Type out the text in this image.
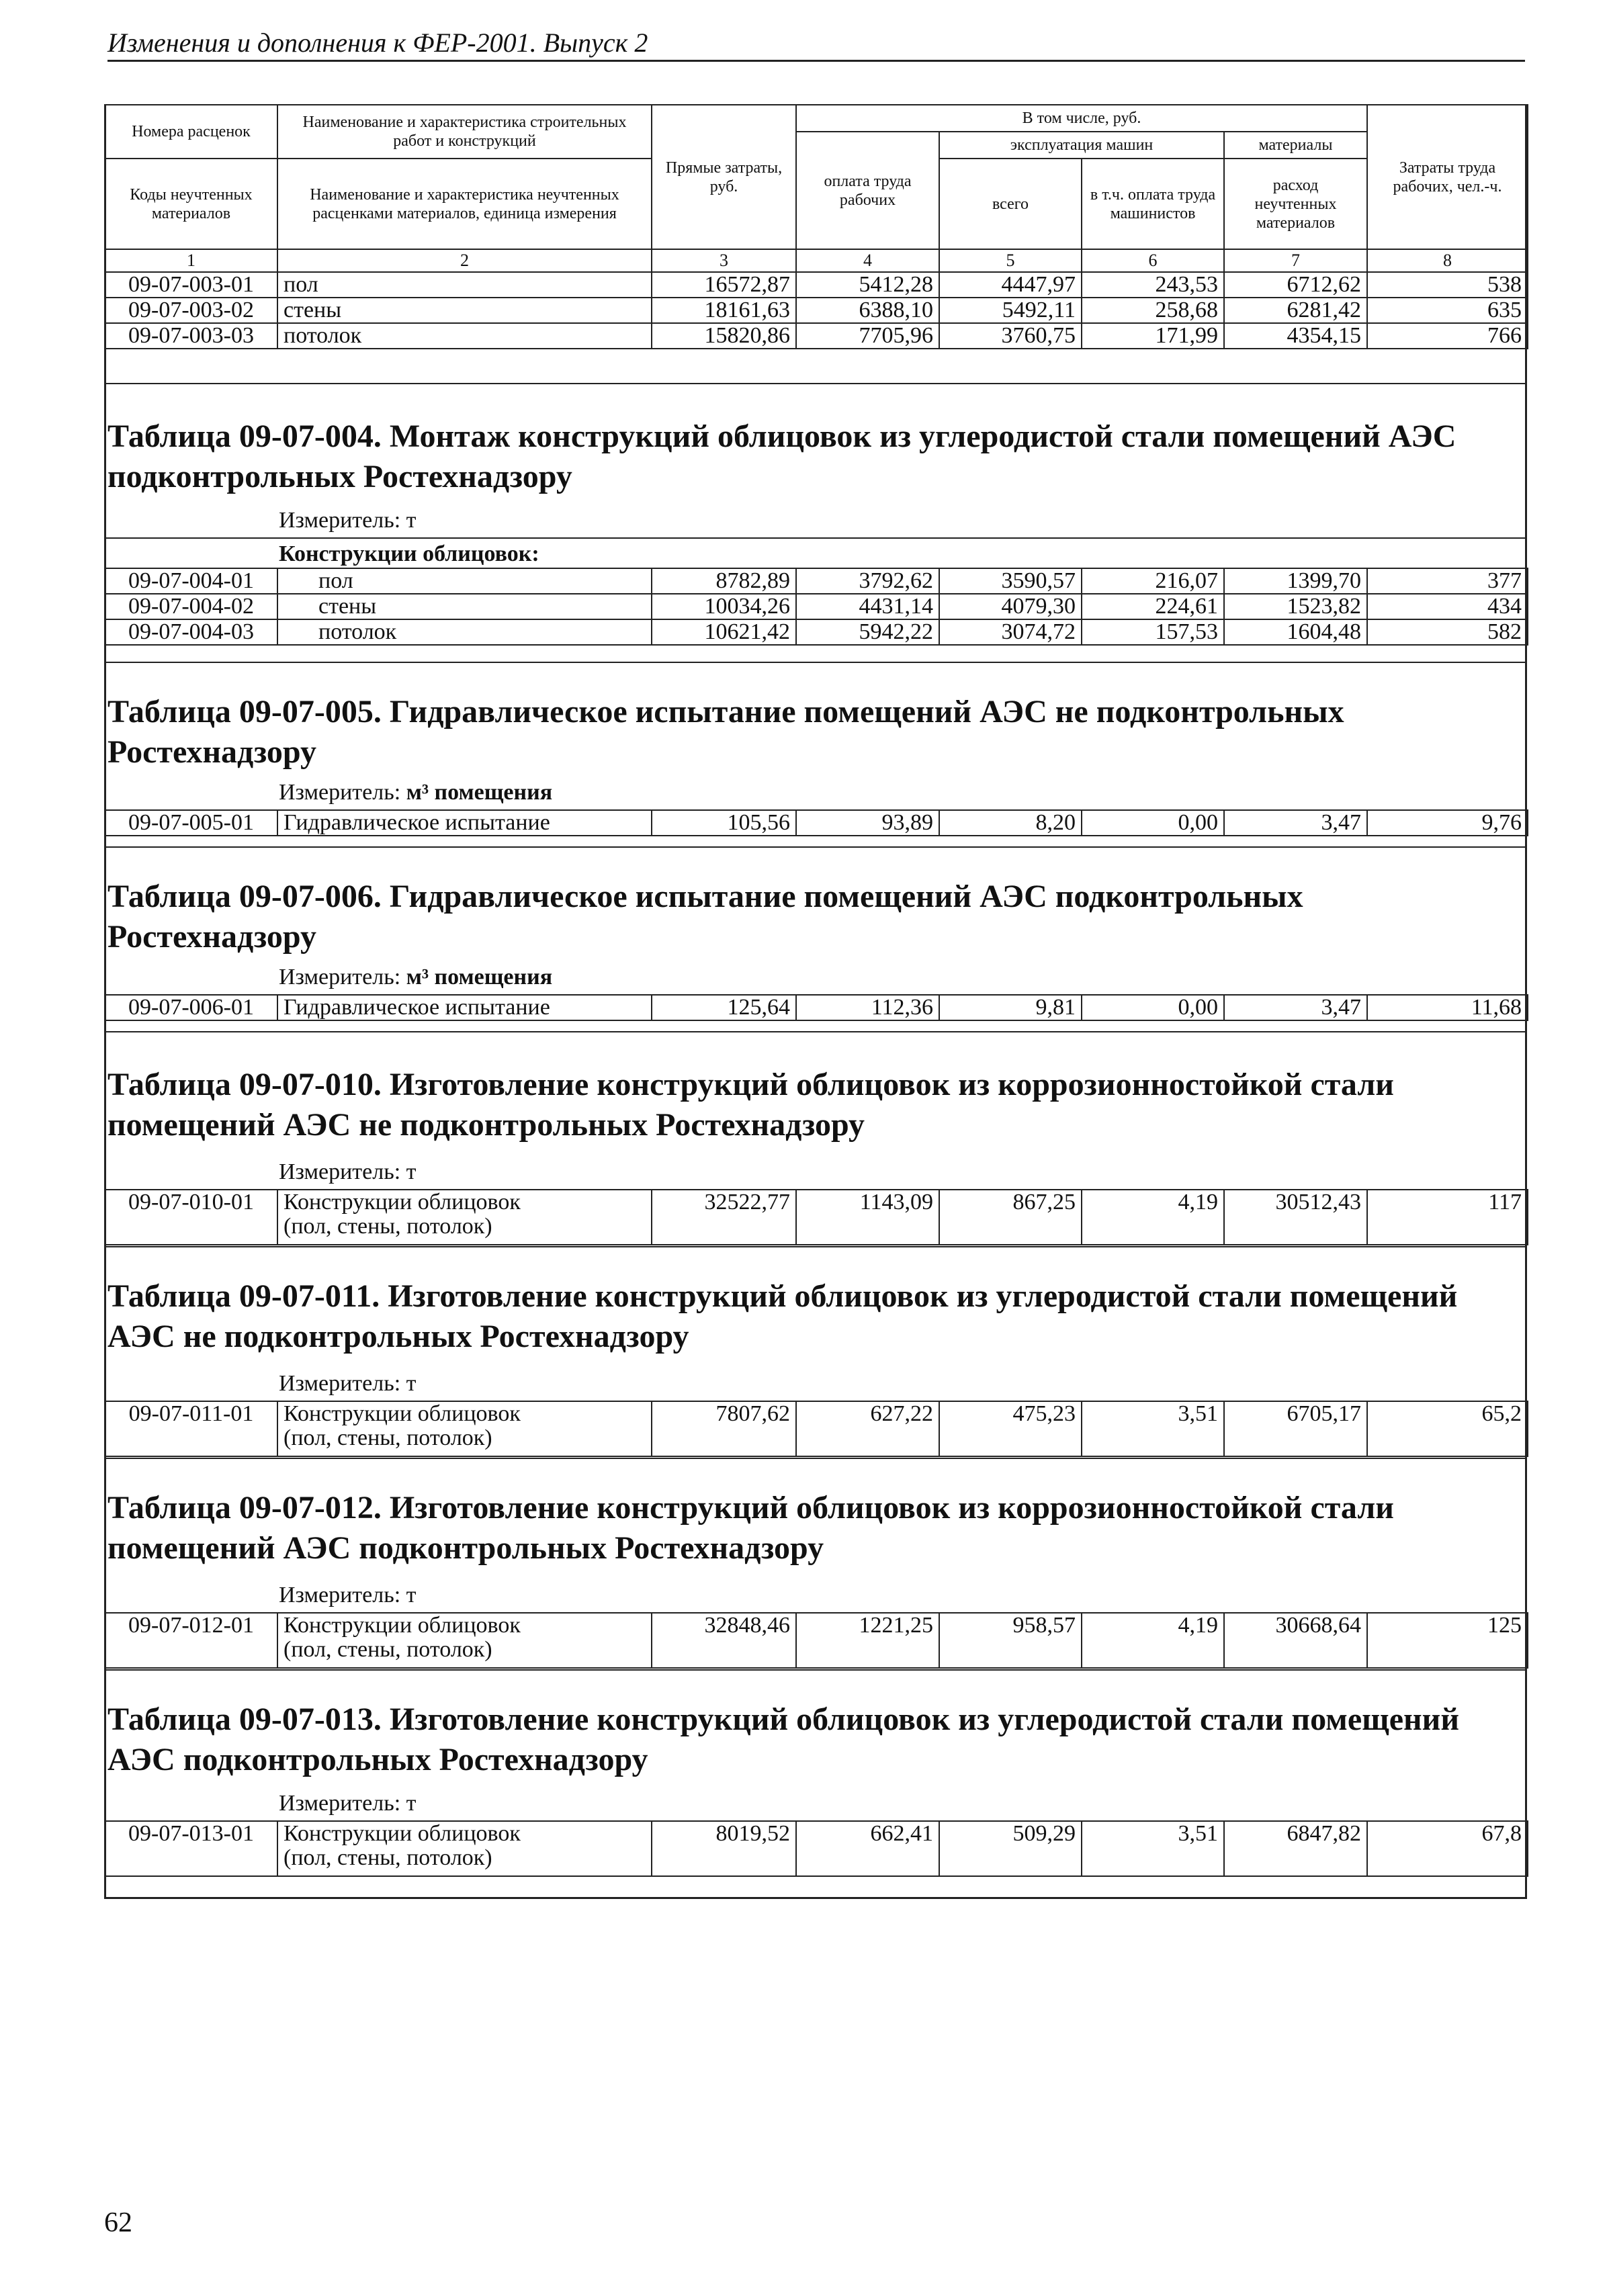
Изменения и дополнения к ФЕР-2001. Выпуск 2
Номера расценок	Наименование и характеристика строительных работ и конструкций	Прямые затраты, руб.	В том числе, руб.				Затраты труда рабочих, чел.-ч.
			оплата труда рабочих	эксплуатация машин		материалы	
Коды неучтенных материалов	Наименование и характеристика неучтенных расценками материалов, единица измерения			всего	в т.ч. оплата труда машинистов	расход неучтенных материалов	

1	2	3	4	5	6	7	8
09-07-003-01	пол	16572,87	5412,28	4447,97	243,53	6712,62	538
09-07-003-02	стены	18161,63	6388,10	5492,11	258,68	6281,42	635
09-07-003-03	потолок	15820,86	7705,96	3760,75	171,99	4354,15	766
Таблица 09-07-004. Монтаж конструкций облицовок из углеродистой стали помещений АЭС подконтрольных Ростехнадзору
Измеритель: т
Конструкции облицовок:
09-07-004-01	пол	8782,89	3792,62	3590,57	216,07	1399,70	377
09-07-004-02	стены	10034,26	4431,14	4079,30	224,61	1523,82	434
09-07-004-03	потолок	10621,42	5942,22	3074,72	157,53	1604,48	582
Таблица 09-07-005. Гидравлическое испытание помещений АЭС не подконтрольных Ростехнадзору
Измеритель: м³ помещения
09-07-005-01	Гидравлическое испытание	105,56	93,89	8,20	0,00	3,47	9,76
Таблица 09-07-006. Гидравлическое испытание помещений АЭС подконтрольных Ростехнадзору
Измеритель: м³ помещения
09-07-006-01	Гидравлическое испытание	125,64	112,36	9,81	0,00	3,47	11,68
Таблица 09-07-010. Изготовление конструкций облицовок из коррозионностойкой стали помещений АЭС не подконтрольных Ростехнадзору
Измеритель: т
09-07-010-01	Конструкции облицовок (пол, стены, потолок)	32522,77	1143,09	867,25	4,19	30512,43	117
Таблица 09-07-011. Изготовление конструкций облицовок из углеродистой стали помещений АЭС не подконтрольных Ростехнадзору
Измеритель: т
09-07-011-01	Конструкции облицовок (пол, стены, потолок)	7807,62	627,22	475,23	3,51	6705,17	65,2
Таблица 09-07-012. Изготовление конструкций облицовок из коррозионностойкой стали помещений АЭС подконтрольных Ростехнадзору
Измеритель: т
09-07-012-01	Конструкции облицовок (пол, стены, потолок)	32848,46	1221,25	958,57	4,19	30668,64	125
Таблица 09-07-013. Изготовление конструкций облицовок из углеродистой стали помещений АЭС подконтрольных Ростехнадзору
Измеритель: т
09-07-013-01	Конструкции облицовок (пол, стены, потолок)	8019,52	662,41	509,29	3,51	6847,82	67,8
62
